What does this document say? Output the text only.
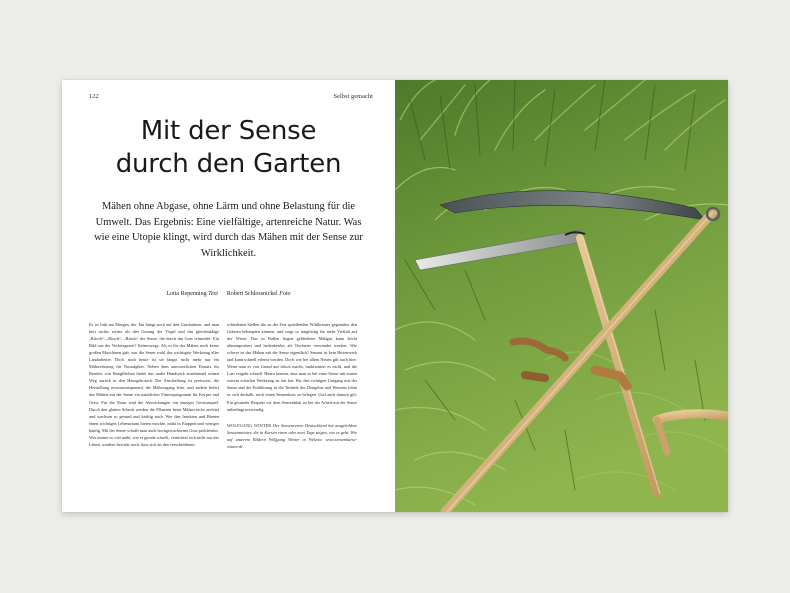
122	Selbst gemacht
Mit der Sense
durch den Garten

Mähen ohne Abgase, ohne Lärm und ohne Belastung für die Umwelt. Das Ergebnis: Eine vielfältige, artenreiche Natur. Was wie eine Utopie klingt, wird durch das Mähen mit der Sense zur Wirklichkeit.

Lotta Repenning Text Robert Schlossnickel Foto

Es ist früh am Morgen, der Tau hängt noch auf den Grashalmen, und man hört nichts weiter als den Gesang der Vögel und das gleichmäßige „Ritsch“, „Ritsch“, „Ritsch“ der Sense, die durch das Gras schneidet. Ein Bild aus der Vorkriegszeit? Keineswegs. Als es für das Mähen noch keine großen Maschinen gab, war die Sense wohl das wichtigste Werkzeug aller Landarbeiter. Doch auch heute ist sie längst nicht mehr nur ein Mähwerkzeug für Nostalgiker. Neben dem unersetzlichen Einsatz für Bereiter von Hangflächen findet das uralte Handwerk zunehmend seinen Weg zurück in den Hausgebrauch. Die Anschaffung ist preiswert, die Herstellung ressourcensparend, der Mähvorgang leise, und zudem liefert das Mähen mit der Sense ein natürliches Fitnessprogramm für Körper und Geist. Für die Natur sind die Auswirkungen ein einziges Gewinnspiel. Durch den glatten Schnitt werden die Pflanzen beim Mähen nicht zerfetzt und wachsen so gesund und kräftig nach. Wer den Insekten und Bienen einen wichtigen Lebensraum bieten möchte, mäht in Etappen und weniger häufig. Mit der Sense schafft man auch hochgewachsenes Gras problemlos. Wer immer so viel mäht, wie er gerade schafft, vernichtet sich nicht nur das Leben, sondern bewirkt auch, dass sich an den verschiedenen

schiedenen Stellen die zu der Zeit sprießenden Wildkräuter gegenüber den Gräsern behaupten können, und sorgt so langfristig für mehr Vielfalt auf der Wiese. Das in Ballen liegen gebliebene Mähgut kann leicht abtransportiert und bedenkenlos als Tierfutter verwendet werden. Wie schwer ist das Mähen mit der Sense eigentlich? Sensen ist kein Hexenwerk und kann schnell erlernt werden. Doch wie bei allem Neuen gilt auch hier: Wenn man es von Grund auf falsch macht, funktioniert es nicht, und die Lust vergeht schnell. Hinzu kommt, dass man es bei einer Sense mit einem extrem scharfen Werkzeug zu tun hat. Für den richtigen Umgang mit der Sense und die Einführung in die Technik des Dengelns und Wetzens lohnt es sich deshalb, noch einen Sensenkurs zu belegen. Und auch danach gilt: Ein gesunder Respekt vor dem Sensenblatt ist bei der Arbeit mit der Sense unbedingt notwendig.

WOLFGANG WINTER Der Sensenverein Deutschland hat ausgebildete Sensenmeister, die in Kursen einen oder zwei Tage zeigen, wie es geht. Wie auf unserem Bildern Wolfgang Winter in Welzow. www.sensenkurse-winter.de
